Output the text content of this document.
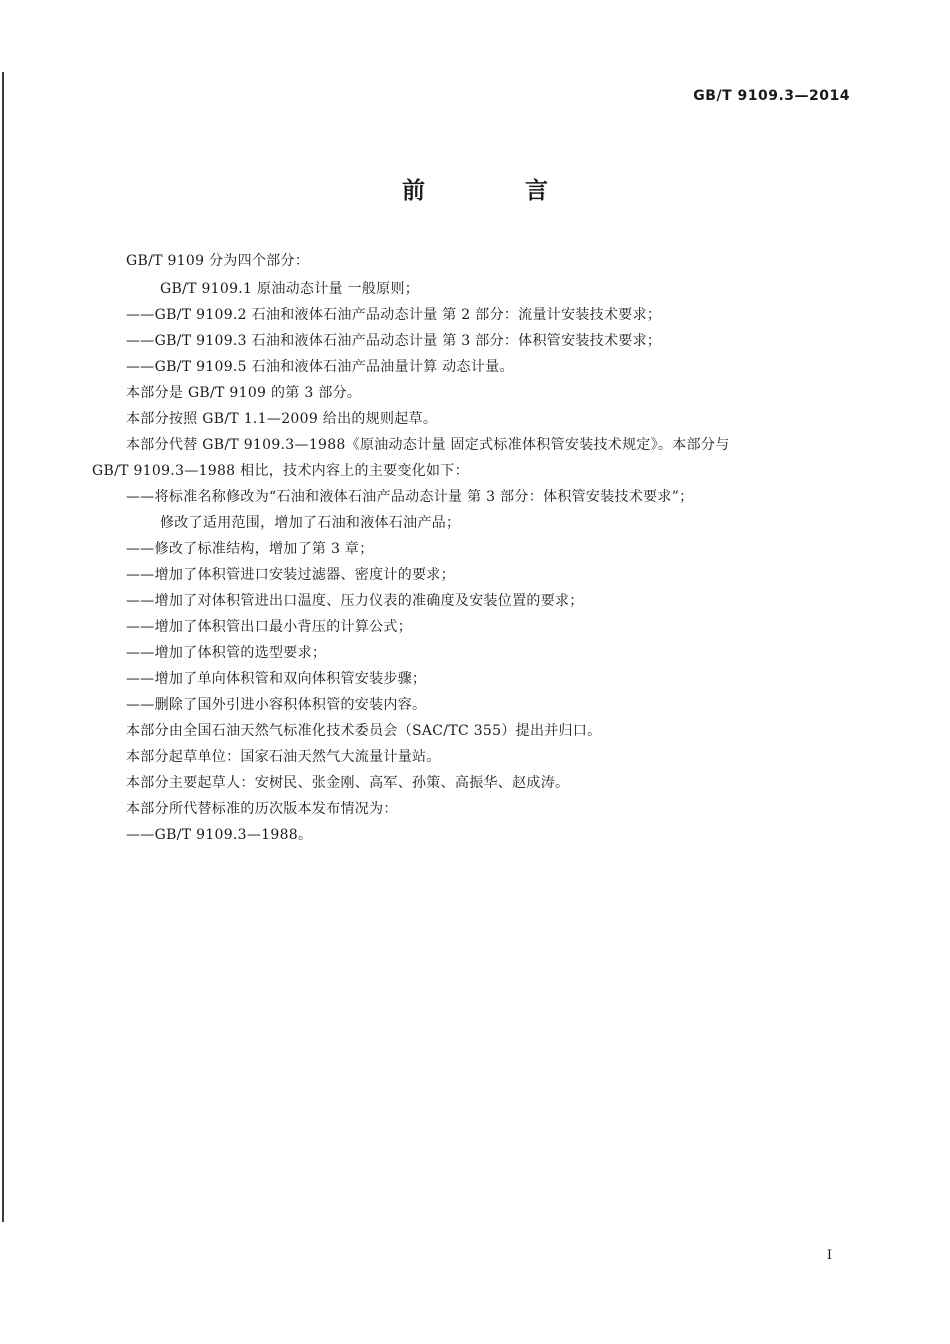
GB/T 9109.3—2014
前 言
GB/T 9109 分为四个部分：
GB/T 9109.1 原油动态计量 一般原则；
——GB/T 9109.2 石油和液体石油产品动态计量 第 2 部分：流量计安装技术要求；
——GB/T 9109.3 石油和液体石油产品动态计量 第 3 部分：体积管安装技术要求；
——GB/T 9109.5 石油和液体石油产品油量计算 动态计量。
本部分是 GB/T 9109 的第 3 部分。
本部分按照 GB/T 1.1—2009 给出的规则起草。
本部分代替 GB/T 9109.3—1988《原油动态计量 固定式标准体积管安装技术规定》。本部分与
GB/T 9109.3—1988 相比，技术内容上的主要变化如下：
——将标准名称修改为“石油和液体石油产品动态计量 第 3 部分：体积管安装技术要求”；
修改了适用范围，增加了石油和液体石油产品；
——修改了标准结构，增加了第 3 章；
——增加了体积管进口安装过滤器、密度计的要求；
——增加了对体积管进出口温度、压力仪表的准确度及安装位置的要求；
——增加了体积管出口最小背压的计算公式；
——增加了体积管的选型要求；
——增加了单向体积管和双向体积管安装步骤；
——删除了国外引进小容积体积管的安装内容。
本部分由全国石油天然气标准化技术委员会（SAC/TC 355）提出并归口。
本部分起草单位：国家石油天然气大流量计量站。
本部分主要起草人：安树民、张金刚、高军、孙策、高振华、赵成涛。
本部分所代替标准的历次版本发布情况为：
——GB/T 9109.3—1988。
I
